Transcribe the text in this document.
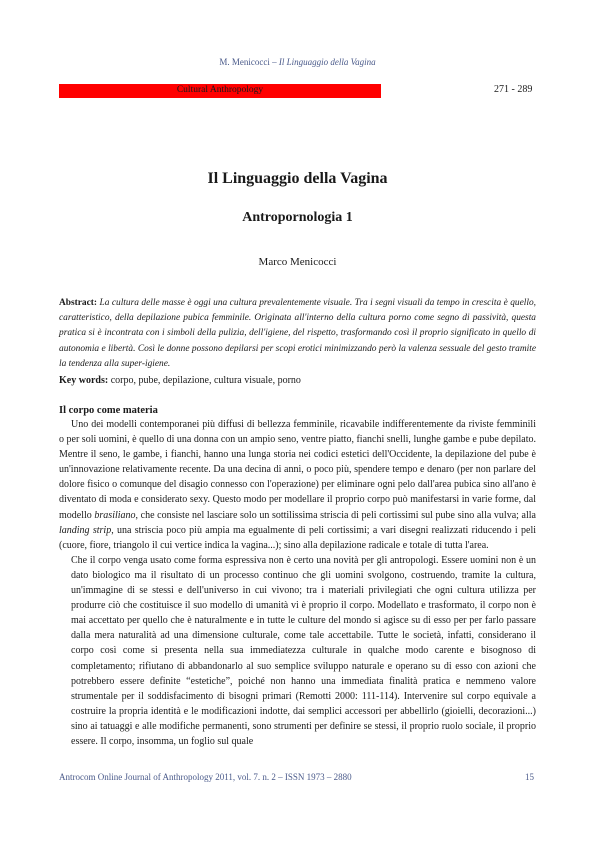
M. Menicocci – Il Linguaggio della Vagina
Cultural Anthropology	271 - 289
Il Linguaggio della Vagina
Antropornologia 1
Marco Menicocci
Abstract: La cultura delle masse è oggi una cultura prevalentemente visuale. Tra i segni visuali da tempo in crescita è quello, caratteristico, della depilazione pubica femminile. Originata all'interno della cultura porno come segno di passività, questa pratica si è incontrata con i simboli della pulizia, dell'igiene, del rispetto, trasformando così il proprio significato in quello di autonomia e libertà. Così le donne possono depilarsi per scopi erotici minimizzando però la valenza sessuale del gesto tramite la tendenza alla super-igiene.
Key words: corpo, pube, depilazione, cultura visuale, porno
Il corpo come materia

Uno dei modelli contemporanei più diffusi di bellezza femminile, ricavabile indifferentemente da riviste femminili o per soli uomini, è quello di una donna con un ampio seno, ventre piatto, fianchi snelli, lunghe gambe e pube depilato. Mentre il seno, le gambe, i fianchi, hanno una lunga storia nei codici estetici dell'Occidente, la depilazione del pube è un'innovazione relativamente recente. Da una decina di anni, o poco più, spendere tempo e denaro (per non parlare del dolore fisico o comunque del disagio connesso con l'operazione) per eliminare ogni pelo dall'area pubica sino all'ano è diventato di moda e considerato sexy. Questo modo per modellare il proprio corpo può manifestarsi in varie forme, dal modello brasiliano, che consiste nel lasciare solo un sottilissima striscia di peli cortissimi sul pube sino alla vulva; alla landing strip, una striscia poco più ampia ma egualmente di peli cortissimi; a vari disegni realizzati riducendo i peli (cuore, fiore, triangolo il cui vertice indica la vagina...); sino alla depilazione radicale e totale di tutta l'area.

Che il corpo venga usato come forma espressiva non è certo una novità per gli antropologi. Essere uomini non è un dato biologico ma il risultato di un processo continuo che gli uomini svolgono, costruendo, tramite la cultura, un'immagine di se stessi e dell'universo in cui vivono; tra i materiali privilegiati che ogni cultura utilizza per produrre ciò che costituisce il suo modello di umanità vi è proprio il corpo. Modellato e trasformato, il corpo non è mai accettato per quello che è naturalmente e in tutte le culture del mondo si agisce su di esso per per farlo passare dalla mera naturalità ad una dimensione culturale, come tale accettabile. Tutte le società, infatti, considerano il corpo così come si presenta nella sua immediatezza culturale in qualche modo carente e bisognoso di completamento; rifiutano di abbandonarlo al suo semplice sviluppo naturale e operano su di esso con azioni che potrebbero essere definite “estetiche”, poiché non hanno una immediata finalità pratica e nemmeno valore strumentale per il soddisfacimento di bisogni primari (Remotti 2000: 111-114). Intervenire sul corpo equivale a costruire la propria identità e le modificazioni indotte, dai semplici accessori per abbellirlo (gioielli, decorazioni...) sino ai tatuaggi e alle modifiche permanenti, sono strumenti per definire se stessi, il proprio ruolo sociale, il proprio essere. Il corpo, insomma, un foglio sul quale

Antrocom Online Journal of Anthropology 2011, vol. 7. n. 2 – ISSN 1973 – 2880	15
